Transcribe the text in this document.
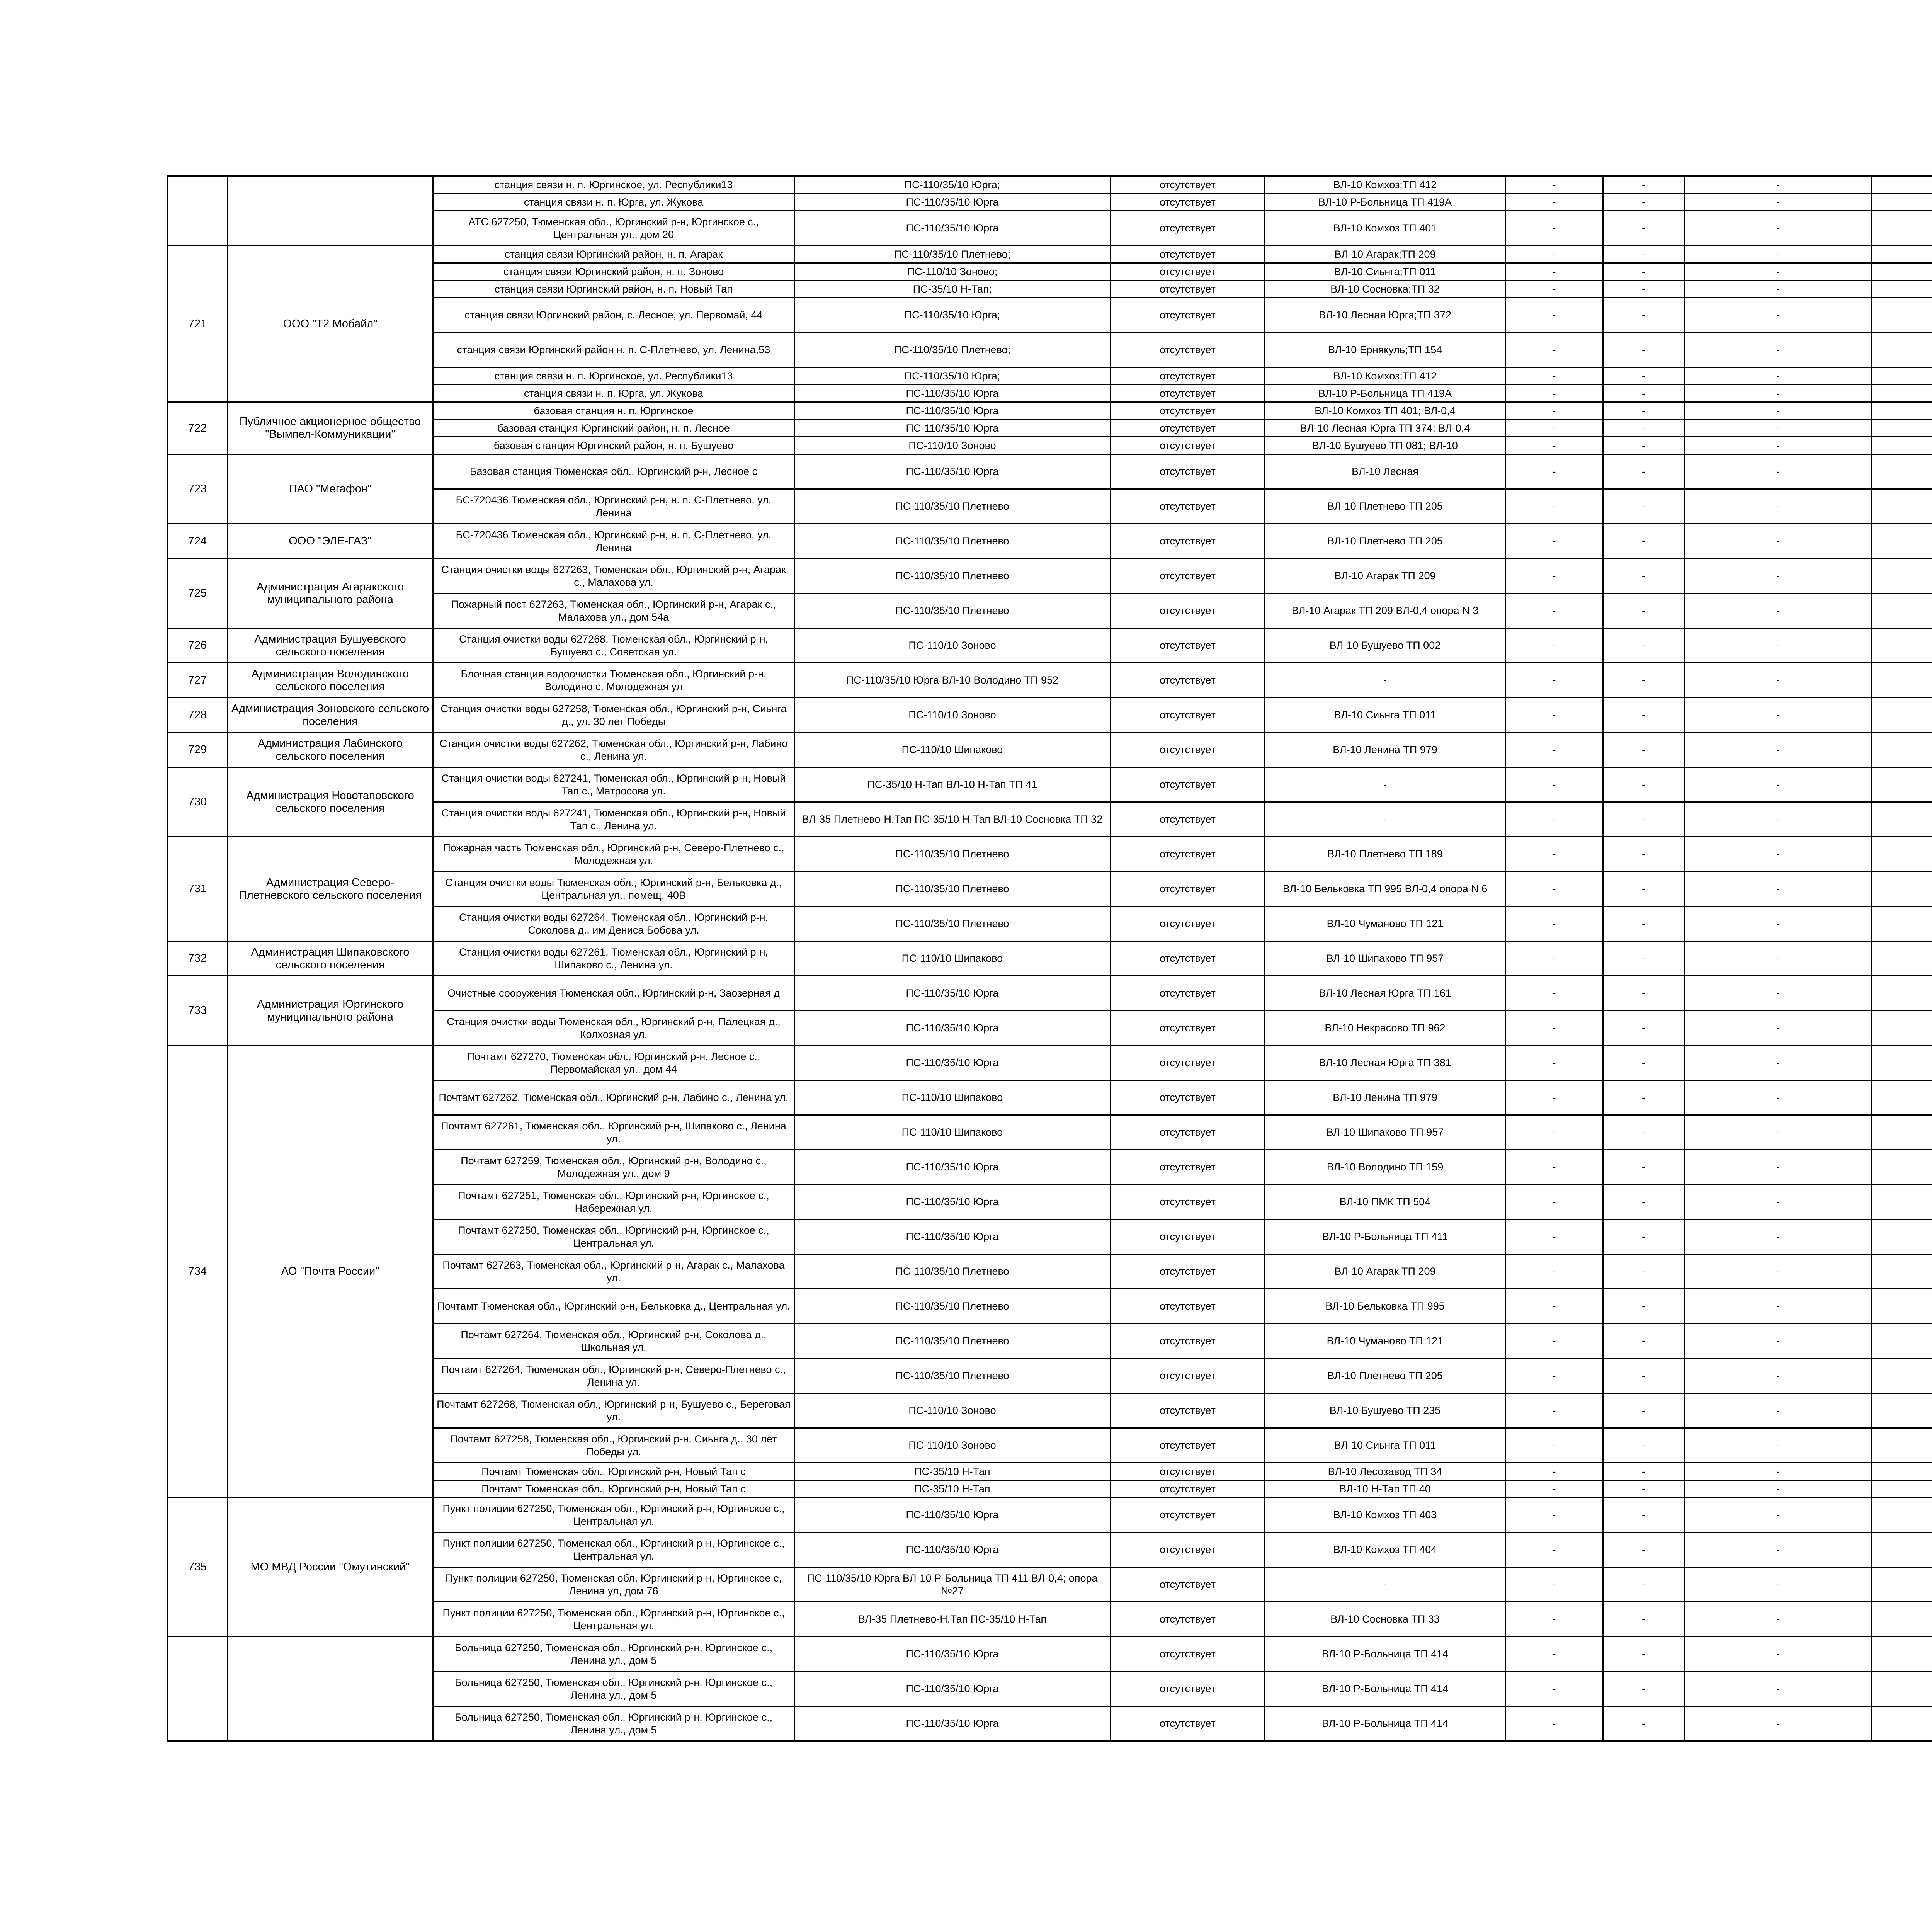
		станция связи н. п. Юргинское, ул. Республики13	ПС-110/35/10 Юрга;	отсутствует	ВЛ-10 Комхоз;ТП 412	-	-	-		
		станция связи н. п. Юрга, ул. Жукова	ПС-110/35/10 Юрга	отсутствует	ВЛ-10 Р-Больница ТП 419А	-	-	-		
		АТС 627250, Тюменская обл., Юргинский р-н, Юргинское с., Центральная ул., дом 20	ПС-110/35/10 Юрга	отсутствует	ВЛ-10 Комхоз ТП 401	-	-	-		
721	ООО "Т2 Мобайл"	станция связи Юргинский район, н. п. Агарак	ПС-110/35/10 Плетнево;	отсутствует	ВЛ-10 Агарак;ТП 209	-	-	-		
		станция связи Юргинский район, н. п. Зоново	ПС-110/10 Зоново;	отсутствует	ВЛ-10 Сиьнга;ТП 011	-	-	-		
		станция связи Юргинский район, н. п. Новый Тап	ПС-35/10 Н-Тап;	отсутствует	ВЛ-10 Сосновка;ТП 32	-	-	-		
		станция связи Юргинский район, с. Лесное, ул. Первомай, 44	ПС-110/35/10 Юрга;	отсутствует	ВЛ-10 Лесная Юрга;ТП 372	-	-	-		
		станция связи Юргинский район н. п. С-Плетнево, ул. Ленина,53	ПС-110/35/10 Плетнево;	отсутствует	ВЛ-10 Ернякуль;ТП 154	-	-	-		
		станция связи н. п. Юргинское, ул. Республики13	ПС-110/35/10 Юрга;	отсутствует	ВЛ-10 Комхоз;ТП 412	-	-	-		
		станция связи н. п. Юрга, ул. Жукова	ПС-110/35/10 Юрга	отсутствует	ВЛ-10 Р-Больница ТП 419А	-	-	-		
722	Публичное акционерное общество "Вымпел-Коммуникации"	базовая станция н. п. Юргинское	ПС-110/35/10 Юрга	отсутствует	ВЛ-10 Комхоз ТП 401; ВЛ-0,4	-	-	-		
		базовая станция Юргинский район, н. п. Лесное	ПС-110/35/10 Юрга	отсутствует	ВЛ-10 Лесная Юрга ТП 374; ВЛ-0,4	-	-	-		
		базовая станция Юргинский район, н. п. Бушуево	ПС-110/10 Зоново	отсутствует	ВЛ-10 Бушуево ТП 081; ВЛ-10	-	-	-		
723	ПАО "Мегафон"	Базовая станция Тюменская обл., Юргинский р-н, Лесное с	ПС-110/35/10 Юрга	отсутствует	ВЛ-10 Лесная	-	-	-		
		БС-720436 Тюменская обл., Юргинский р-н, н. п. С-Плетнево, ул. Ленина	ПС-110/35/10 Плетнево	отсутствует	ВЛ-10 Плетнево ТП 205	-	-	-		
724	ООО "ЭЛЕ-ГАЗ"	БС-720436 Тюменская обл., Юргинский р-н, н. п. С-Плетнево, ул. Ленина	ПС-110/35/10 Плетнево	отсутствует	ВЛ-10 Плетнево ТП 205	-	-	-		
725	Администрация Агаракского муниципального района	Станция очистки воды 627263, Тюменская обл., Юргинский р-н, Агарак с., Малахова ул.	ПС-110/35/10 Плетнево	отсутствует	ВЛ-10 Агарак ТП 209	-	-	-		
		Пожарный пост 627263, Тюменская обл., Юргинский р-н, Агарак с., Малахова ул., дом 54а	ПС-110/35/10 Плетнево	отсутствует	ВЛ-10 Агарак ТП 209 ВЛ-0,4 опора N 3	-	-	-		
726	Администрация Бушуевского сельского поселения	Станция очистки воды 627268, Тюменская обл., Юргинский р-н, Бушуево с., Советская ул.	ПС-110/10 Зоново	отсутствует	ВЛ-10 Бушуево ТП 002	-	-	-		
727	Администрация Володинского сельского поселения	Блочная станция водоочистки Тюменская обл., Юргинский р-н, Володино с, Молодежная ул	ПС-110/35/10 Юрга ВЛ-10 Володино ТП 952	отсутствует	-	-	-	-		
728	Администрация Зоновского сельского поселения	Станция очистки воды 627258, Тюменская обл., Юргинский р-н, Сиьнга д., ул. 30 лет Победы	ПС-110/10 Зоново	отсутствует	ВЛ-10 Сиьнга ТП 011	-	-	-		
729	Администрация Лабинского сельского поселения	Станция очистки воды 627262, Тюменская обл., Юргинский р-н, Лабино с., Ленина ул.	ПС-110/10 Шипаково	отсутствует	ВЛ-10 Ленина ТП 979	-	-	-		
730	Администрация Новотаповского сельского поселения	Станция очистки воды 627241, Тюменская обл., Юргинский р-н, Новый Тап с., Матросова ул.	ПС-35/10 Н-Тап ВЛ-10 Н-Тап ТП 41	отсутствует	-	-	-	-		
		Станция очистки воды 627241, Тюменская обл., Юргинский р-н, Новый Тап с., Ленина ул.	ВЛ-35 Плетнево-Н.Тап ПС-35/10 Н-Тап ВЛ-10 Сосновка ТП 32	отсутствует	-	-	-	-		
731	Администрация Северо-Плетневского сельского поселения	Пожарная часть Тюменская обл., Юргинский р-н, Северо-Плетнево с., Молодежная ул.	ПС-110/35/10 Плетнево	отсутствует	ВЛ-10 Плетнево ТП 189	-	-	-		
		Станция очистки воды Тюменская обл., Юргинский р-н, Бельковка д., Центральная ул., помещ. 40В	ПС-110/35/10 Плетнево	отсутствует	ВЛ-10 Бельковка ТП 995 ВЛ-0,4 опора N 6	-	-	-		
		Станция очистки воды 627264, Тюменская обл., Юргинский р-н, Соколова д., им Дениса Бобова ул.	ПС-110/35/10 Плетнево	отсутствует	ВЛ-10 Чуманово ТП 121	-	-	-		
732	Администрация Шипаковского сельского поселения	Станция очистки воды 627261, Тюменская обл., Юргинский р-н, Шипаково с., Ленина ул.	ПС-110/10 Шипаково	отсутствует	ВЛ-10 Шипаково ТП 957	-	-	-		
733	Администрация Юргинского муниципального района	Очистные сооружения Тюменская обл., Юргинский р-н, Заозерная д	ПС-110/35/10 Юрга	отсутствует	ВЛ-10 Лесная Юрга ТП 161	-	-	-		
		Станция очистки воды Тюменская обл., Юргинский р-н, Палецкая д., Колхозная ул.	ПС-110/35/10 Юрга	отсутствует	ВЛ-10 Некрасово ТП 962	-	-	-		
734	АО "Почта России"	Почтамт 627270, Тюменская обл., Юргинский р-н, Лесное с., Первомайская ул., дом 44	ПС-110/35/10 Юрга	отсутствует	ВЛ-10 Лесная Юрга ТП 381	-	-	-		
		Почтамт 627262, Тюменская обл., Юргинский р-н, Лабино с., Ленина ул.	ПС-110/10 Шипаково	отсутствует	ВЛ-10 Ленина ТП 979	-	-	-		
		Почтамт 627261, Тюменская обл., Юргинский р-н, Шипаково с., Ленина ул.	ПС-110/10 Шипаково	отсутствует	ВЛ-10 Шипаково ТП 957	-	-	-		
		Почтамт 627259, Тюменская обл., Юргинский р-н, Володино с., Молодежная ул., дом 9	ПС-110/35/10 Юрга	отсутствует	ВЛ-10 Володино ТП 159	-	-	-		
		Почтамт 627251, Тюменская обл., Юргинский р-н, Юргинское с., Набережная ул.	ПС-110/35/10 Юрга	отсутствует	ВЛ-10 ПМК ТП 504	-	-	-		
		Почтамт 627250, Тюменская обл., Юргинский р-н, Юргинское с., Центральная ул.	ПС-110/35/10 Юрга	отсутствует	ВЛ-10 Р-Больница ТП 411	-	-	-		
		Почтамт 627263, Тюменская обл., Юргинский р-н, Агарак с., Малахова ул.	ПС-110/35/10 Плетнево	отсутствует	ВЛ-10 Агарак ТП 209	-	-	-		
		Почтамт Тюменская обл., Юргинский р-н, Бельковка д., Центральная ул.	ПС-110/35/10 Плетнево	отсутствует	ВЛ-10 Бельковка ТП 995	-	-	-		
		Почтамт 627264, Тюменская обл., Юргинский р-н, Соколова д., Школьная ул.	ПС-110/35/10 Плетнево	отсутствует	ВЛ-10 Чуманово ТП 121	-	-	-		
		Почтамт 627264, Тюменская обл., Юргинский р-н, Северо-Плетнево с., Ленина ул.	ПС-110/35/10 Плетнево	отсутствует	ВЛ-10 Плетнево ТП 205	-	-	-		
		Почтамт 627268, Тюменская обл., Юргинский р-н, Бушуево с., Береговая ул.	ПС-110/10 Зоново	отсутствует	ВЛ-10 Бушуево ТП 235	-	-	-		
		Почтамт 627258, Тюменская обл., Юргинский р-н, Сиьнга д., 30 лет Победы ул.	ПС-110/10 Зоново	отсутствует	ВЛ-10 Сиьнга ТП 011	-	-	-		
		Почтамт Тюменская обл., Юргинский р-н, Новый Тап с	ПС-35/10 Н-Тап	отсутствует	ВЛ-10 Лесозавод ТП 34	-	-	-		
		Почтамт Тюменская обл., Юргинский р-н, Новый Тап с	ПС-35/10 Н-Тап	отсутствует	ВЛ-10 Н-Тап ТП 40	-	-	-		
735	МО МВД России "Омутинский"	Пункт полиции 627250, Тюменская обл., Юргинский р-н, Юргинское с., Центральная ул.	ПС-110/35/10 Юрга	отсутствует	ВЛ-10 Комхоз ТП 403	-	-	-		
		Пункт полиции 627250, Тюменская обл., Юргинский р-н, Юргинское с., Центральная ул.	ПС-110/35/10 Юрга	отсутствует	ВЛ-10 Комхоз ТП 404	-	-	-		
		Пункт полиции 627250, Тюменская обл, Юргинский р-н, Юргинское с, Ленина ул, дом 76	ПС-110/35/10 Юрга ВЛ-10 Р-Больница ТП 411 ВЛ-0,4; опора №27	отсутствует	-	-	-	-		
		Пункт полиции 627250, Тюменская обл., Юргинский р-н, Юргинское с., Центральная ул.	ВЛ-35 Плетнево-Н.Тап ПС-35/10 Н-Тап	отсутствует	ВЛ-10 Сосновка ТП 33	-	-	-		
		Больница 627250, Тюменская обл., Юргинский р-н, Юргинское с., Ленина ул., дом 5	ПС-110/35/10 Юрга	отсутствует	ВЛ-10 Р-Больница ТП 414	-	-	-		
		Больница 627250, Тюменская обл., Юргинский р-н, Юргинское с., Ленина ул., дом 5	ПС-110/35/10 Юрга	отсутствует	ВЛ-10 Р-Больница ТП 414	-	-	-		
		Больница 627250, Тюменская обл., Юргинский р-н, Юргинское с., Ленина ул., дом 5	ПС-110/35/10 Юрга	отсутствует	ВЛ-10 Р-Больница ТП 414	-	-	-		
